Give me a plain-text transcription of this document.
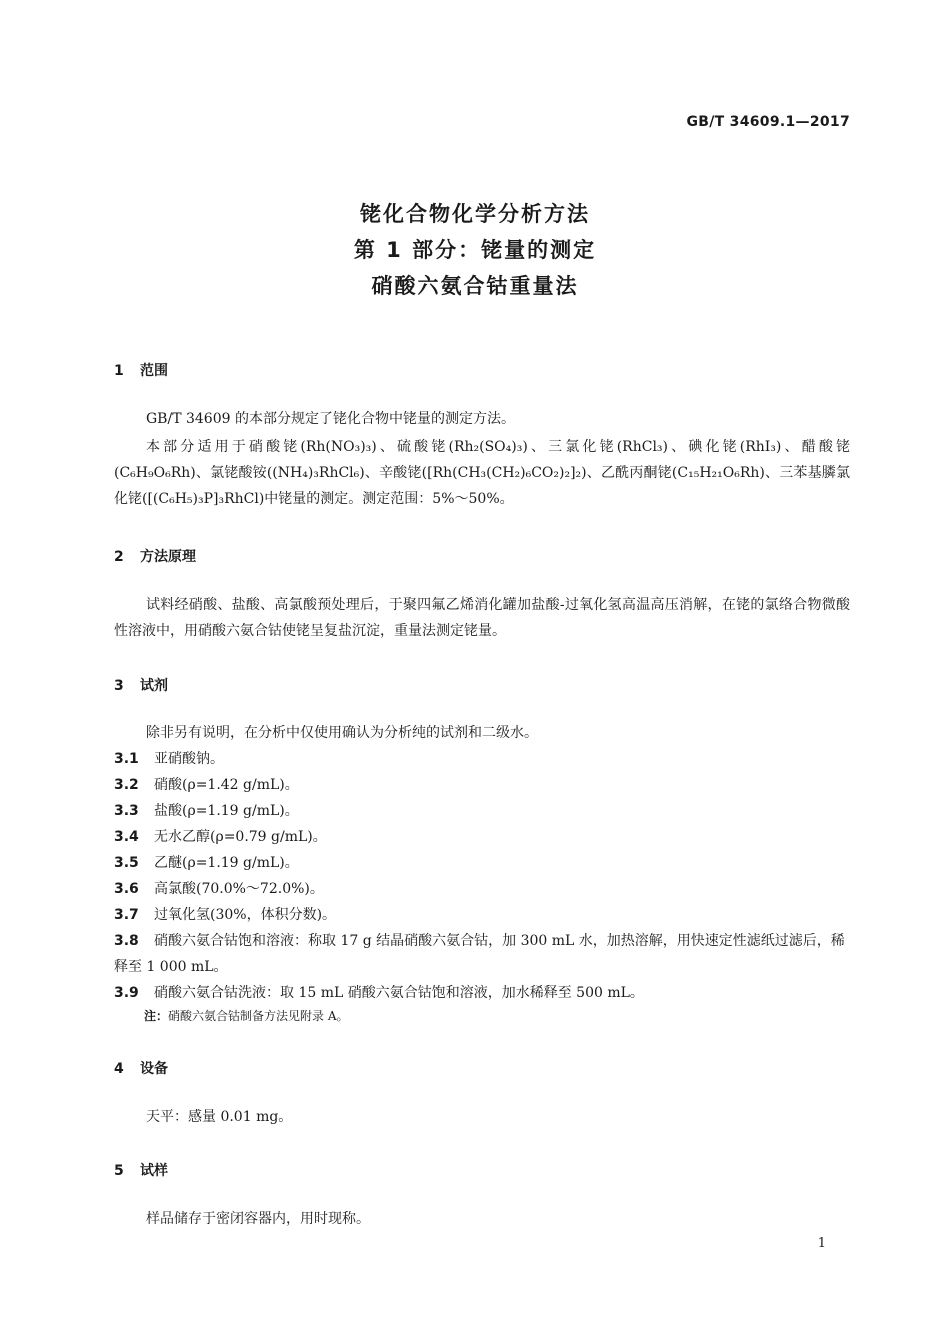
GB/T 34609.1—2017
铑化合物化学分析方法
第 1 部分：铑量的测定
硝酸六氨合钴重量法
1 范围
GB/T 34609 的本部分规定了铑化合物中铑量的测定方法。
本部分适用于硝酸铑(Rh(NO₃)₃)、硫酸铑(Rh₂(SO₄)₃)、三氯化铑(RhCl₃)、碘化铑(RhI₃)、醋酸铑(C₆H₉O₆Rh)、氯铑酸铵((NH₄)₃RhCl₆)、辛酸铑([Rh(CH₃(CH₂)₆CO₂)₂]₂)、乙酰丙酮铑(C₁₅H₂₁O₆Rh)、三苯基膦氯化铑([(C₆H₅)₃P]₃RhCl)中铑量的测定。测定范围：5%～50%。
2 方法原理
试料经硝酸、盐酸、高氯酸预处理后，于聚四氟乙烯消化罐加盐酸-过氧化氢高温高压消解，在铑的氯络合物微酸性溶液中，用硝酸六氨合钴使铑呈复盐沉淀，重量法测定铑量。
3 试剂
除非另有说明，在分析中仅使用确认为分析纯的试剂和二级水。
3.1 亚硝酸钠。
3.2 硝酸(ρ=1.42 g/mL)。
3.3 盐酸(ρ=1.19 g/mL)。
3.4 无水乙醇(ρ=0.79 g/mL)。
3.5 乙醚(ρ=1.19 g/mL)。
3.6 高氯酸(70.0%～72.0%)。
3.7 过氧化氢(30%，体积分数)。
3.8 硝酸六氨合钴饱和溶液：称取 17 g 结晶硝酸六氨合钴，加 300 mL 水，加热溶解，用快速定性滤纸过滤后，稀释至 1 000 mL。
3.9 硝酸六氨合钴洗液：取 15 mL 硝酸六氨合钴饱和溶液，加水稀释至 500 mL。
注：硝酸六氨合钴制备方法见附录 A。
4 设备
天平：感量 0.01 mg。
5 试样
样品储存于密闭容器内，用时现称。
1
